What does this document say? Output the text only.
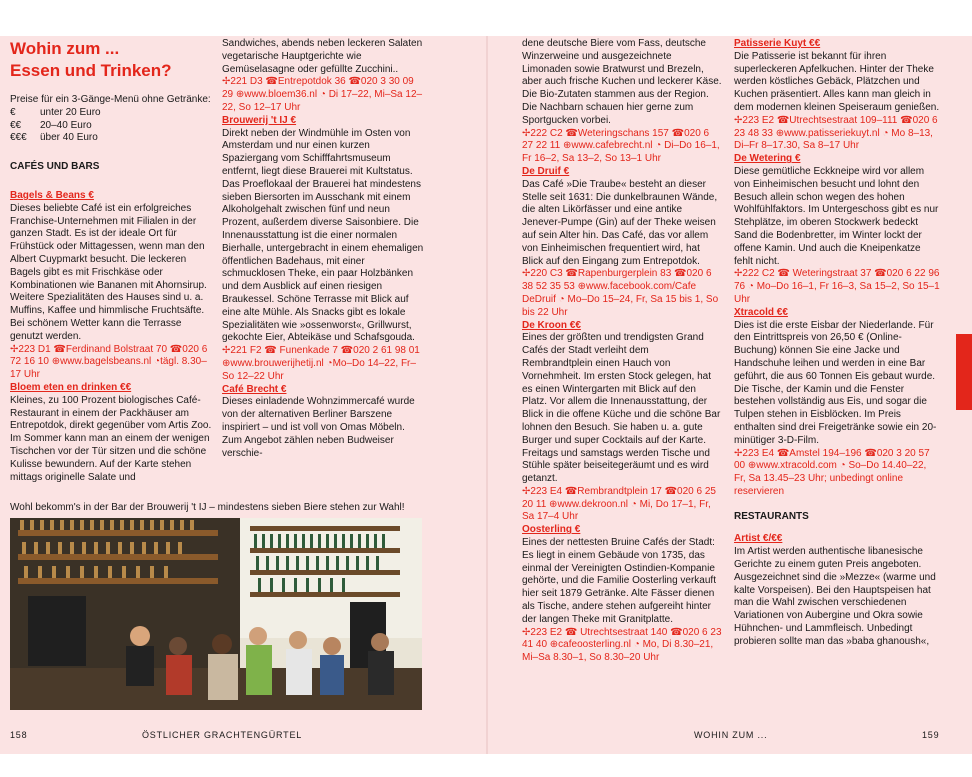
Wohin zum ...
Essen und Trinken?

Preise für ein 3-Gänge-Menü ohne Getränke:

€	unter 20 Euro
€€	20–40 Euro
€€€	über 40 Euro
CAFÉS UND BARS

Bagels & Beans €

Dieses beliebte Café ist ein erfolgreiches Franchise-Unternehmen mit Filialen in der ganzen Stadt. Es ist der ideale Ort für Frühstück oder Mittagessen, wenn man den Albert Cuypmarkt besucht. Die leckeren Bagels gibt es mit Frischkäse oder Kombinationen wie Bananen mit Ahornsirup. Weitere Spezialitäten des Hauses sind u. a. Muffins, Kaffee und himmlische Fruchtsäfte. Bei schönem Wetter kann die Terrasse genutzt werden.

✢223 D1 ☎Ferdinand Bolstraat 70 ☎020 6 72 16 10 ⊕www.bagelsbeans.nl ◔tägl. 8.30–17 Uhr

Bloem eten en drinken €€

Kleines, zu 100 Prozent biologisches Café-Restaurant in einem der Packhäuser am Entrepotdok, direkt gegenüber vom Artis Zoo. Im Sommer kann man an einem der wenigen Tischchen vor der Tür sitzen und die schöne Kulisse bewundern. Auf der Karte stehen mittags originelle Salate und

Sandwiches, abends neben leckeren Salaten vegetarische Hauptgerichte wie Gemüselasagne oder gefüllte Zucchini..

✢221 D3 ☎Entrepotdok 36 ☎020 3 30 09 29 ⊕www.bloem36.nl ◔ Di 17–22, Mi–Sa 12–22, So 12–17 Uhr

Brouwerij 't IJ €

Direkt neben der Windmühle im Osten von Amsterdam und nur einen kurzen Spaziergang vom Schifffahrtsmuseum entfernt, liegt diese Brauerei mit Kultstatus. Das Proeflokaal der Brauerei hat mindestens sieben Biersorten im Ausschank mit einem Alkoholgehalt zwischen fünf und neun Prozent, außerdem diverse Saisonbiere. Die Innenausstattung ist die einer normalen Bierhalle, untergebracht in einem ehemaligen öffentlichen Badehaus, mit einer schmucklosen Theke, ein paar Holzbänken und dem Ausblick auf einen riesigen Braukessel. Schöne Terrasse mit Blick auf eine alte Mühle. Als Snacks gibt es lokale Spezialitäten wie »ossenworst«, Grillwurst, gekochte Eier, Abteikäse und Schafsgouda.

✢221 F2 ☎ Funenkade 7 ☎020 2 61 98 01 ⊕www.brouwerijhetij.nl ◔Mo–Do 14–22, Fr–So 12–22 Uhr

Café Brecht €

Dieses einladende Wohnzimmercafé wurde von der alternativen Berliner Barszene inspiriert – und ist voll von Omas Möbeln. Zum Angebot zählen neben Budweiser verschie-

Wohl bekomm's in der Bar der Brouwerij 't IJ – mindestens sieben Biere stehen zur Wahl!
158	ÖSTLICHER GRACHTENGÜRTEL

dene deutsche Biere vom Fass, deutsche Winzerweine und ausgezeichnete Limonaden sowie Bratwurst und Brezeln, aber auch frische Kuchen und leckerer Käse. Die Bio-Zutaten stammen aus der Region. Die Nachbarn schauen hier gerne zum Sportgucken vorbei.

✢222 C2 ☎Weteringschans 157 ☎020 6 27 22 11 ⊕www.cafebrecht.nl ◔ Di–Do 16–1, Fr 16–2, Sa 13–2, So 13–1 Uhr

De Druif €

Das Café »Die Traube« besteht an dieser Stelle seit 1631: Die dunkelbraunen Wände, die alten Likörfässer und eine antike Jenever-Pumpe (Gin) auf der Theke weisen auf sein Alter hin. Das Café, das vor allem von Einheimischen frequentiert wird, hat Blick auf den Eingang zum Entrepotdok.

✢220 C3 ☎Rapenburgerplein 83 ☎020 6 38 52 35 53 ⊕www.facebook.com/Cafe DeDruif ◔ Mo–Do 15–24, Fr, Sa 15 bis 1, So bis 22 Uhr

De Kroon €€

Eines der größten und trendigsten Grand Cafés der Stadt verleiht dem Rembrandtplein einen Hauch von Vornehmheit. Im ersten Stock gelegen, hat es einen Wintergarten mit Blick auf den Platz. Vor allem die Innenausstattung, der Blick in die offene Küche und die schöne Bar lohnen den Besuch. Sie haben u. a. gute Burger und super Cocktails auf der Karte. Freitags und samstags werden Tische und Stühle später beiseitegeräumt und es wird getanzt.

✢223 E4 ☎Rembrandtplein 17 ☎020 6 25 20 11 ⊕www.dekroon.nl ◔ Mi, Do 17–1, Fr, Sa 17–4 Uhr

Oosterling €

Eines der nettesten Bruine Cafés der Stadt: Es liegt in einem Gebäude von 1735, das einmal der Vereinigten Ostindien-Kompanie gehörte, und die Familie Oosterling verkauft hier seit 1879 Getränke. Alte Fässer dienen als Tische, andere stehen aufgereiht hinter der langen Theke mit Granitplatte.

✢223 E2 ☎ Utrechtsestraat 140 ☎020 6 23 41 40 ⊕cafeoosterling.nl ◔ Mo, Di 8.30–21, Mi–Sa 8.30–1, So 8.30–20 Uhr

Patisserie Kuyt €€

Die Patisserie ist bekannt für ihren superleckeren Apfelkuchen. Hinter der Theke werden köstliches Gebäck, Plätzchen und Kuchen präsentiert. Alles kann man gleich in dem modernen kleinen Speiseraum genießen.

✢223 E2 ☎Utrechtsestraat 109–111 ☎020 6 23 48 33 ⊕www.patisseriekuyt.nl ◔ Mo 8–13, Di–Fr 8–17.30, Sa 8–17 Uhr

De Wetering €

Diese gemütliche Eckkneipe wird vor allem von Einheimischen besucht und lohnt den Besuch allein schon wegen des hohen Wohlfühlfaktors. Im Untergeschoss gibt es nur Stehplätze, im oberen Stockwerk bedeckt Sand die Bodenbretter, im Winter lockt der offene Kamin. Und auch die Kneipenkatze fehlt nicht.

✢222 C2 ☎ Weteringstraat 37 ☎020 6 22 96 76 ◔ Mo–Do 16–1, Fr 16–3, Sa 15–2, So 15–1 Uhr

Xtracold €€

Dies ist die erste Eisbar der Niederlande. Für den Eintrittspreis von 26,50 € (Online-Buchung) können Sie eine Jacke und Handschuhe leihen und werden in eine Bar geführt, die aus 60 Tonnen Eis gebaut wurde. Die Tische, der Kamin und die Fenster bestehen vollständig aus Eis, und sogar die Tulpen stehen in Eisblöcken. Im Preis enthalten sind drei Freigetränke sowie ein 20-minütiger 3-D-Film.

✢223 E4 ☎Amstel 194–196 ☎020 3 20 57 00 ⊕www.xtracold.com ◔ So–Do 14.40–22, Fr, Sa 13.45–23 Uhr; unbedingt online reservieren

RESTAURANTS

Artist €/€€

Im Artist werden authentische libanesische Gerichte zu einem guten Preis angeboten. Ausgezeichnet sind die »Mezze« (warme und kalte Vorspeisen). Bei den Hauptspeisen hat man die Wahl zwischen verschiedenen Variationen von Aubergine und Okra sowie Hühnchen- und Lammfleisch. Unbedingt probieren sollte man das »baba ghanoush«,

WOHIN ZUM ...	159
